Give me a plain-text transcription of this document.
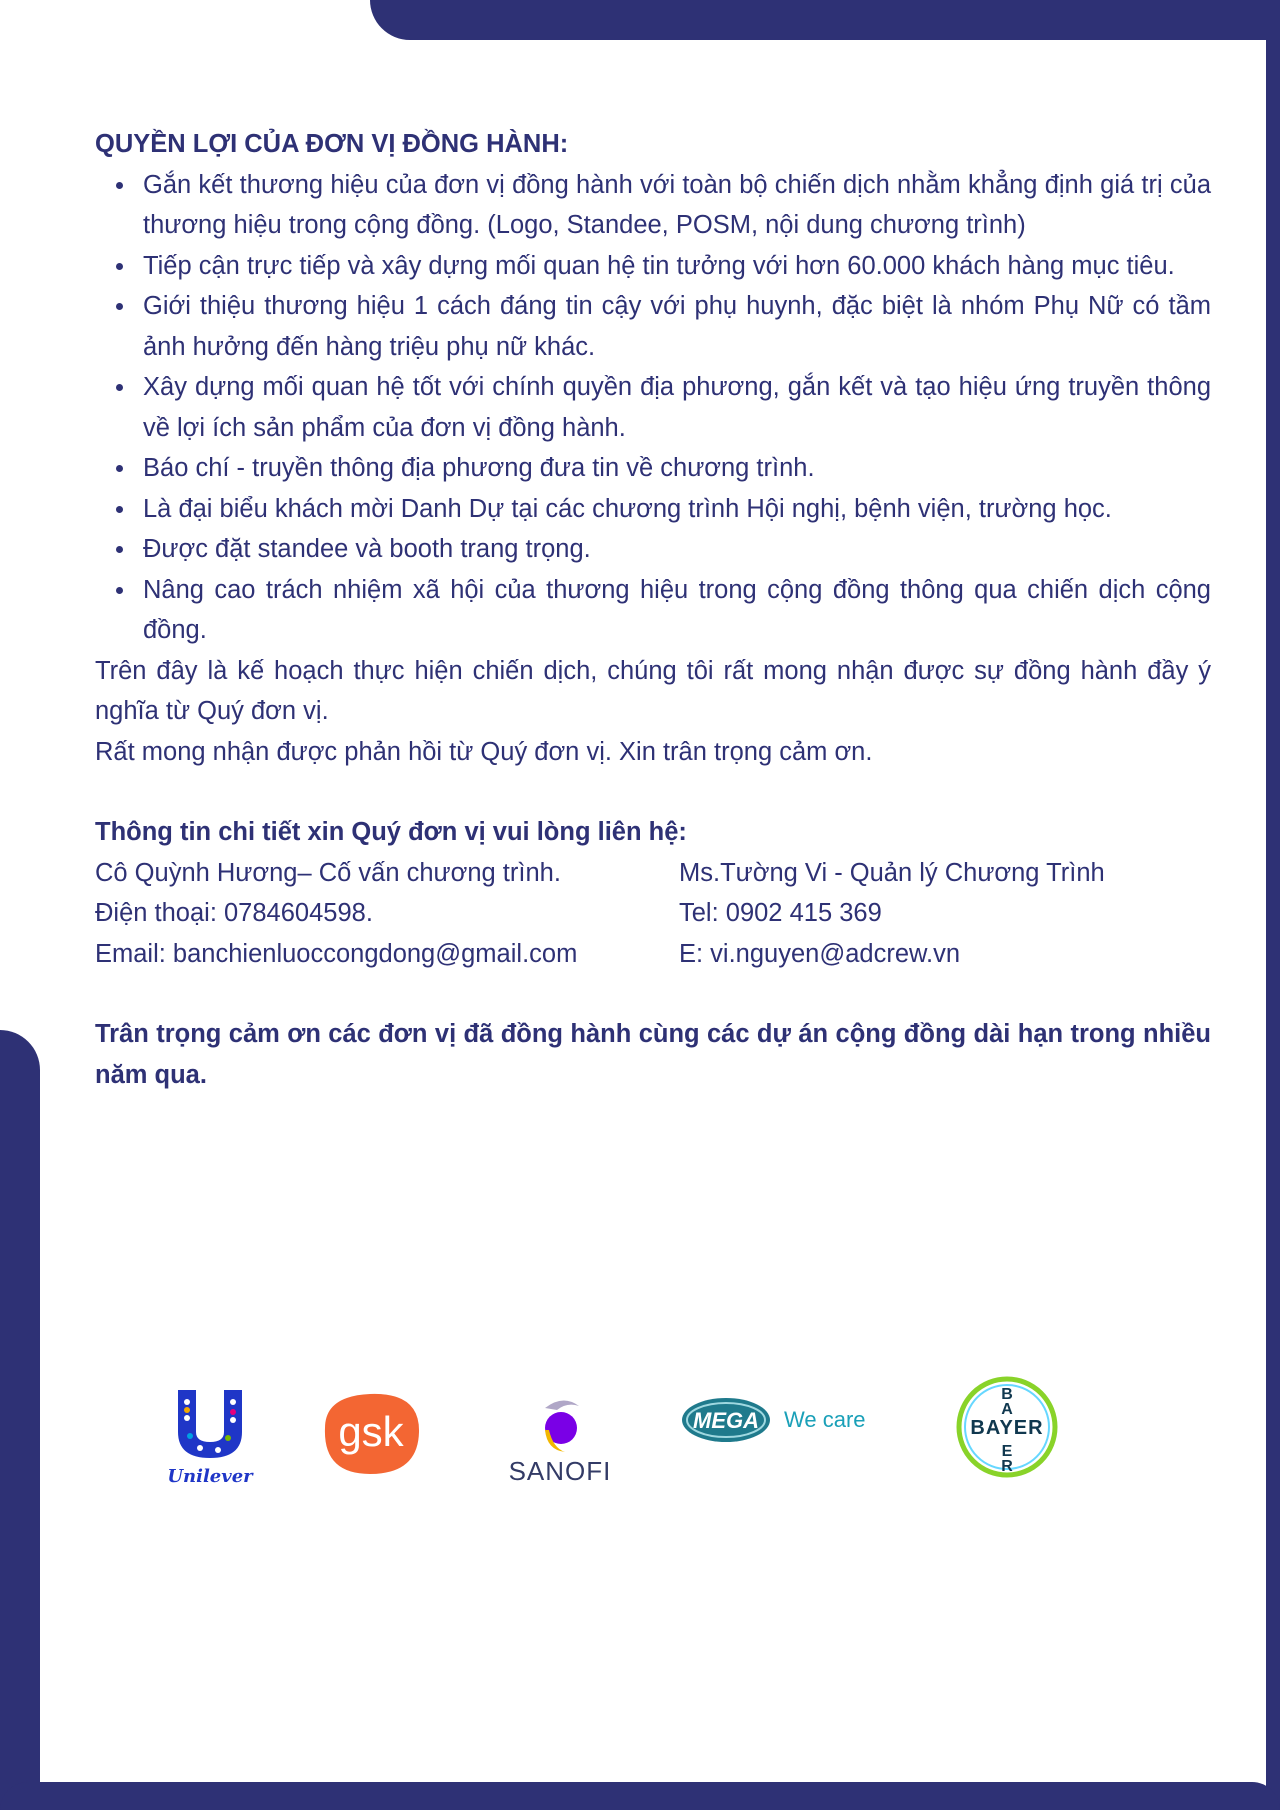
QUYỀN LỢI CỦA ĐƠN VỊ ĐỒNG HÀNH:

Gắn kết thương hiệu của đơn vị đồng hành với toàn bộ chiến dịch nhằm khẳng định giá trị của thương hiệu trong cộng đồng. (Logo, Standee, POSM, nội dung chương trình)
Tiếp cận trực tiếp và xây dựng mối quan hệ tin tưởng với hơn 60.000 khách hàng mục tiêu.
Giới thiệu thương hiệu 1 cách đáng tin cậy với phụ huynh, đặc biệt là nhóm Phụ Nữ có tầm ảnh hưởng đến hàng triệu phụ nữ khác.
Xây dựng mối quan hệ tốt với chính quyền địa phương, gắn kết và tạo hiệu ứng truyền thông về lợi ích sản phẩm của đơn vị đồng hành.
Báo chí - truyền thông địa phương đưa tin về chương trình.
Là đại biểu khách mời Danh Dự tại các chương trình Hội nghị, bệnh viện, trường học.
Được đặt standee và booth trang trọng.
Nâng cao trách nhiệm xã hội của thương hiệu trong cộng đồng thông qua chiến dịch cộng đồng.

Trên đây là kế hoạch thực hiện chiến dịch, chúng tôi rất mong nhận được sự đồng hành đầy ý nghĩa từ Quý đơn vị.

Rất mong nhận được phản hồi từ Quý đơn vị. Xin trân trọng cảm ơn.

Thông tin chi tiết xin Quý đơn vị vui lòng liên hệ:

Cô Quỳnh Hương– Cố vấn chương trình.	Ms.Tường Vi - Quản lý Chương Trình
Điện thoại: 0784604598.	Tel: 0902 415 369
Email: banchienluoccongdong@gmail.com	E: vi.nguyen@adcrew.vn

Trân trọng cảm ơn các đơn vị đã đồng hành cùng các dự án cộng đồng dài hạn trong nhiều năm qua.

Unilever
gsk
SANOFI
MEGA We care	BAYER
B
A
E
R
